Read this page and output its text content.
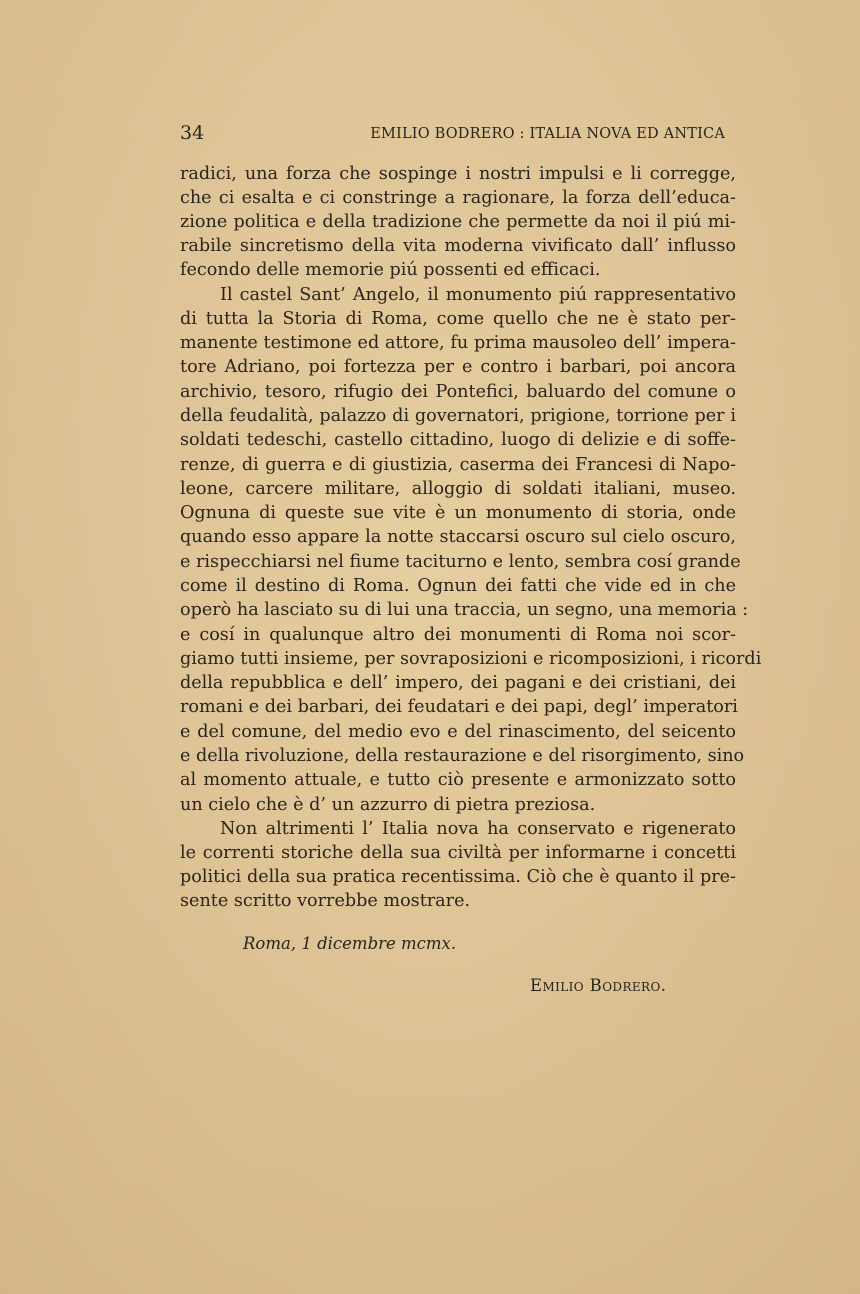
34	EMILIO BODRERO : ITALIA NOVA ED ANTICA
radici, una forza che sospinge i nostri impulsi e li corregge,
che ci esalta e ci constringe a ragionare, la forza dell’educa-
zione politica e della tradizione che permette da noi il piú mi-
rabile sincretismo della vita moderna vivificato dall’ influsso
fecondo delle memorie piú possenti ed efficaci.
Il castel Sant’ Angelo, il monumento piú rappresentativo
di tutta la Storia di Roma, come quello che ne è stato per-
manente testimone ed attore, fu prima mausoleo dell’ impera-
tore Adriano, poi fortezza per e contro i barbari, poi ancora
archivio, tesoro, rifugio dei Pontefici, baluardo del comune o
della feudalità, palazzo di governatori, prigione, torrione per i
soldati tedeschi, castello cittadino, luogo di delizie e di soffe-
renze, di guerra e di giustizia, caserma dei Francesi di Napo-
leone, carcere militare, alloggio di soldati italiani, museo.
Ognuna di queste sue vite è un monumento di storia, onde
quando esso appare la notte staccarsi oscuro sul cielo oscuro,
e rispecchiarsi nel fiume taciturno e lento, sembra cosí grande
come il destino di Roma. Ognun dei fatti che vide ed in che
operò ha lasciato su di lui una traccia, un segno, una memoria :
e cosí in qualunque altro dei monumenti di Roma noi scor-
giamo tutti insieme, per sovraposizioni e ricomposizioni, i ricordi
della repubblica e dell’ impero, dei pagani e dei cristiani, dei
romani e dei barbari, dei feudatari e dei papi, degl’ imperatori
e del comune, del medio evo e del rinascimento, del seicento
e della rivoluzione, della restaurazione e del risorgimento, sino
al momento attuale, e tutto ciò presente e armonizzato sotto
un cielo che è d’ un azzurro di pietra preziosa.
Non altrimenti l’ Italia nova ha conservato e rigenerato
le correnti storiche della sua civiltà per informarne i concetti
politici della sua pratica recentissima. Ciò che è quanto il pre-
sente scritto vorrebbe mostrare.
Roma, 1 dicembre mcmx.
Emilio Bodrero.
